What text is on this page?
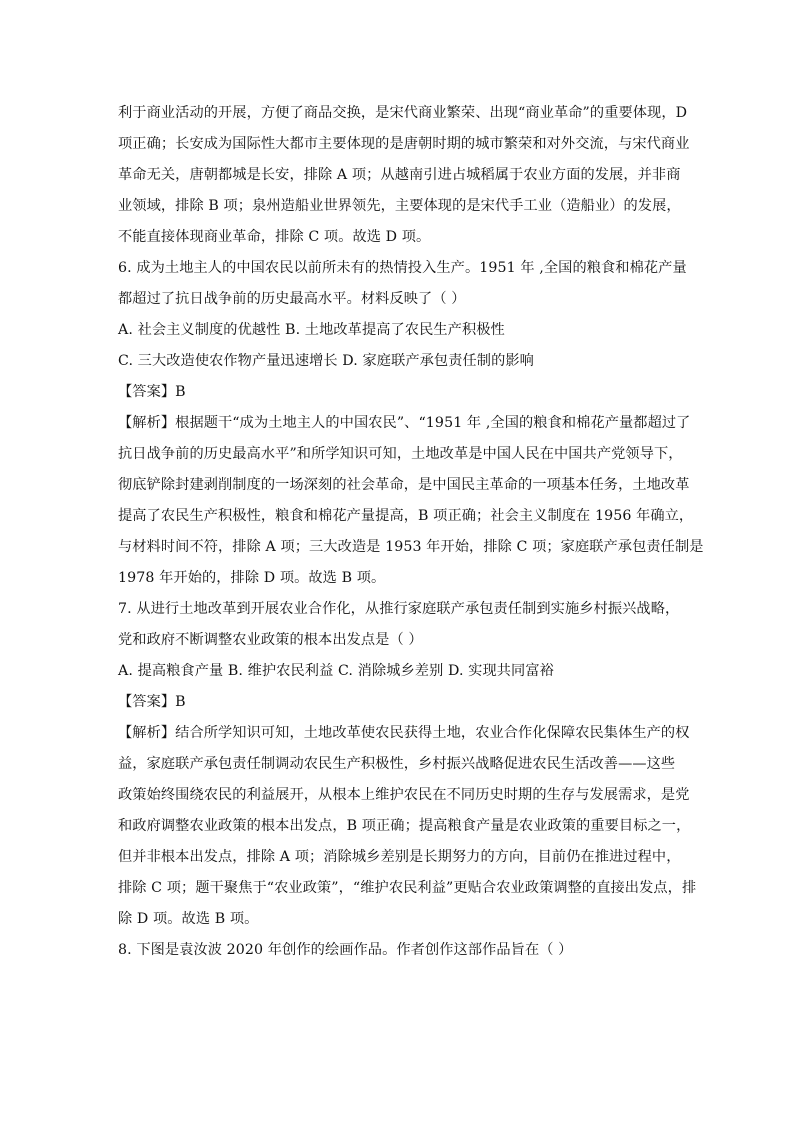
利于商业活动的开展，方便了商品交换，是宋代商业繁荣、出现“商业革命”的重要体现，D
项正确；长安成为国际性大都市主要体现的是唐朝时期的城市繁荣和对外交流，与宋代商业
革命无关，唐朝都城是长安，排除 A 项；从越南引进占城稻属于农业方面的发展，并非商
业领域，排除 B 项；泉州造船业世界领先，主要体现的是宋代手工业（造船业）的发展，
不能直接体现商业革命，排除 C 项。故选 D 项。
6. 成为土地主人的中国农民以前所未有的热情投入生产。1951 年 ,全国的粮食和棉花产量
都超过了抗日战争前的历史最高水平。材料反映了（ ）
A. 社会主义制度的优越性 B. 土地改革提高了农民生产积极性
C. 三大改造使农作物产量迅速增长 D. 家庭联产承包责任制的影响
【答案】B
【解析】根据题干“成为土地主人的中国农民”、“1951 年 ,全国的粮食和棉花产量都超过了
抗日战争前的历史最高水平”和所学知识可知，土地改革是中国人民在中国共产党领导下，
彻底铲除封建剥削制度的一场深刻的社会革命，是中国民主革命的一项基本任务，土地改革
提高了农民生产积极性，粮食和棉花产量提高，B 项正确；社会主义制度在 1956 年确立，
与材料时间不符，排除 A 项；三大改造是 1953 年开始，排除 C 项；家庭联产承包责任制是
1978 年开始的，排除 D 项。故选 B 项。
7. 从进行土地改革到开展农业合作化，从推行家庭联产承包责任制到实施乡村振兴战略，
党和政府不断调整农业政策的根本出发点是（ ）
A. 提高粮食产量 B. 维护农民利益 C. 消除城乡差别 D. 实现共同富裕
【答案】B
【解析】结合所学知识可知，土地改革使农民获得土地，农业合作化保障农民集体生产的权
益，家庭联产承包责任制调动农民生产积极性，乡村振兴战略促进农民生活改善——这些
政策始终围绕农民的利益展开，从根本上维护农民在不同历史时期的生存与发展需求，是党
和政府调整农业政策的根本出发点，B 项正确；提高粮食产量是农业政策的重要目标之一，
但并非根本出发点，排除 A 项；消除城乡差别是长期努力的方向，目前仍在推进过程中，
排除 C 项；题干聚焦于“农业政策”，“维护农民利益”更贴合农业政策调整的直接出发点，排
除 D 项。故选 B 项。
8. 下图是袁汝波 2020 年创作的绘画作品。作者创作这部作品旨在（ ）
